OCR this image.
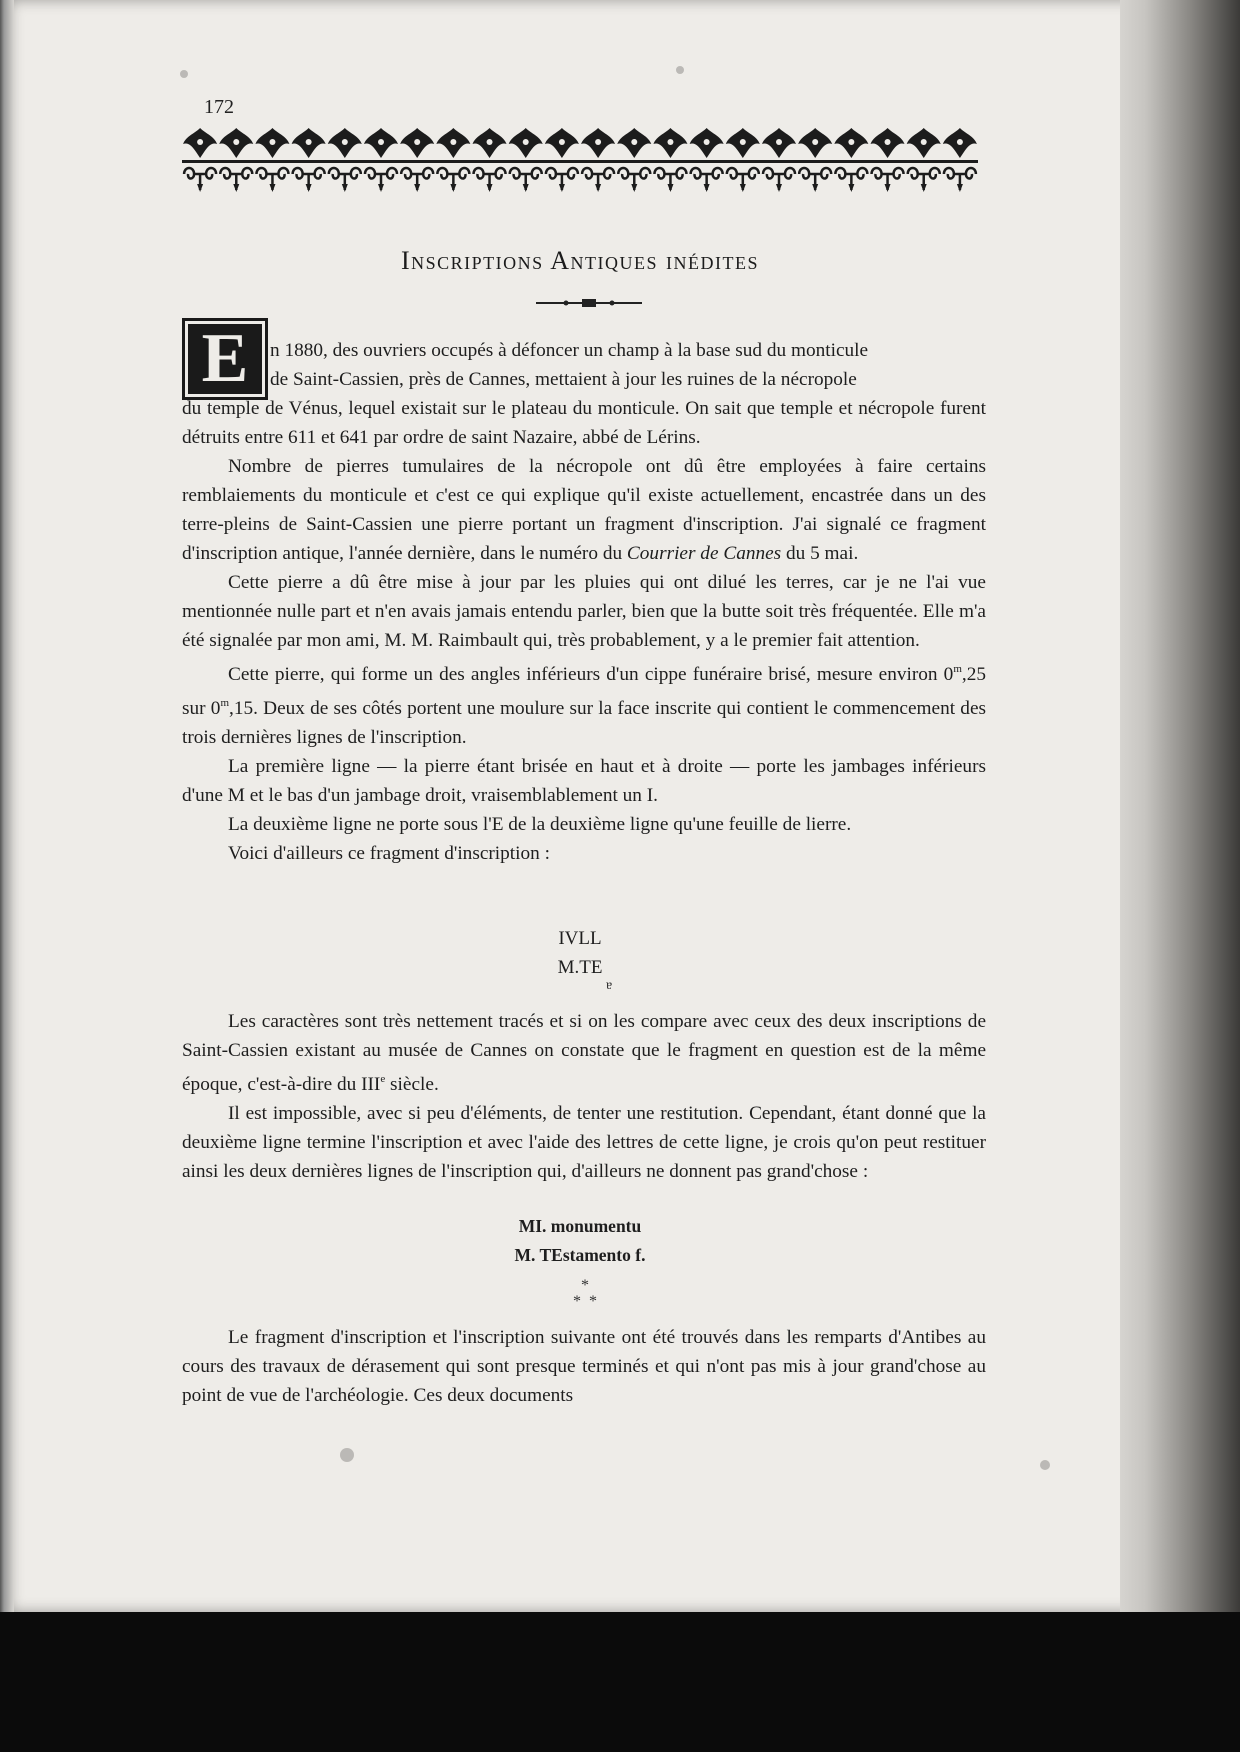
172
Inscriptions Antiques inédites
E	n 1880, des ouvriers occupés à défoncer un champ à la base sud du monticule
de Saint-Cassien, près de Cannes, mettaient à jour les ruines de la nécropole
du temple de Vénus, lequel existait sur le plateau du monticule. On sait que temple et nécropole furent détruits entre 611 et 641 par ordre de saint Nazaire, abbé de Lérins.

Nombre de pierres tumulaires de la nécropole ont dû être employées à faire certains remblaiements du monticule et c'est ce qui explique qu'il existe actuellement, encastrée dans un des terre-pleins de Saint-Cassien une pierre portant un fragment d'inscription. J'ai signalé ce fragment d'inscription antique, l'année dernière, dans le numéro du Courrier de Cannes du 5 mai.

Cette pierre a dû être mise à jour par les pluies qui ont dilué les terres, car je ne l'ai vue mentionnée nulle part et n'en avais jamais entendu parler, bien que la butte soit très fréquentée. Elle m'a été signalée par mon ami, M. M. Raimbault qui, très probablement, y a le premier fait attention.

Cette pierre, qui forme un des angles inférieurs d'un cippe funéraire brisé, mesure environ 0$^m$,25 sur 0$^m$,15. Deux de ses côtés portent une moulure sur la face inscrite qui contient le commencement des trois dernières lignes de l'inscription.

La première ligne — la pierre étant brisée en haut et à droite — porte les jambages inférieurs d'une M et le bas d'un jambage droit, vraisemblablement un I.

La deuxième ligne ne porte sous l'E de la deuxième ligne qu'une feuille de lierre.

Voici d'ailleurs ce fragment d'inscription :

IVLL
M.TE
ɐ

Les caractères sont très nettement tracés et si on les compare avec ceux des deux inscriptions de Saint-Cassien existant au musée de Cannes on constate que le fragment en question est de la même époque, c'est-à-dire du IIIe siècle.

Il est impossible, avec si peu d'éléments, de tenter une restitution. Cependant, étant donné que la deuxième ligne termine l'inscription et avec l'aide des lettres de cette ligne, je crois qu'on peut restituer ainsi les deux dernières lignes de l'inscription qui, d'ailleurs ne donnent pas grand'chose :

MI. monumentu
M. TEstamento f.
*
* *

Le fragment d'inscription et l'inscription suivante ont été trouvés dans les remparts d'Antibes au cours des travaux de dérasement qui sont presque terminés et qui n'ont pas mis à jour grand'chose au point de vue de l'archéologie. Ces deux documents
